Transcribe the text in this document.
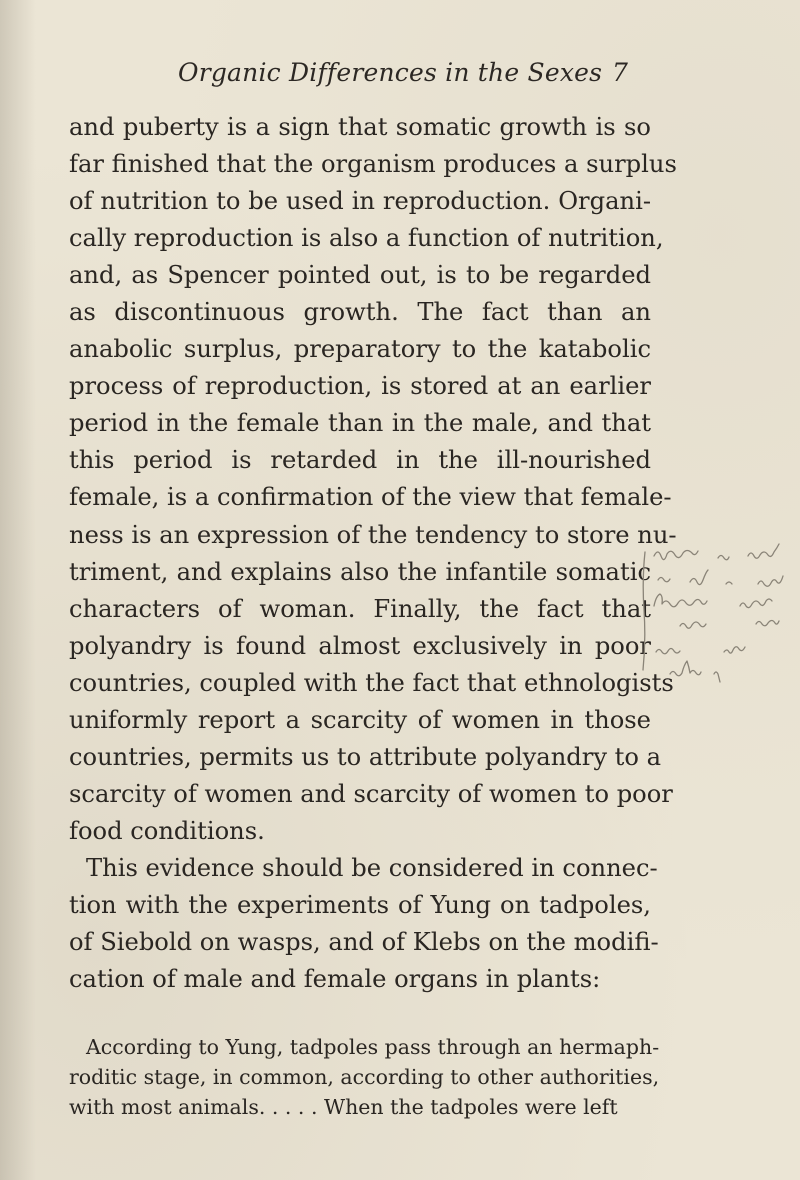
Organic Differences in the Sexes 7
and puberty is a sign that somatic growth is so
far finished that the organism produces a surplus
of nutrition to be used in reproduction. Organi-
cally reproduction is also a function of nutrition,
and, as Spencer pointed out, is to be regarded
as discontinuous growth. The fact than an
anabolic surplus, preparatory to the katabolic
process of reproduction, is stored at an earlier
period in the female than in the male, and that
this period is retarded in the ill-nourished
female, is a confirmation of the view that female-
ness is an expression of the tendency to store nu-
triment, and explains also the infantile somatic
characters of woman. Finally, the fact that
polyandry is found almost exclusively in poor
countries, coupled with the fact that ethnologists
uniformly report a scarcity of women in those
countries, permits us to attribute polyandry to a
scarcity of women and scarcity of women to poor
food conditions.
This evidence should be considered in connec-
tion with the experiments of Yung on tadpoles,
of Siebold on wasps, and of Klebs on the modifi-
cation of male and female organs in plants:
According to Yung, tadpoles pass through an hermaph-
roditic stage, in common, according to other authorities,
with most animals. . . . . When the tadpoles were left
